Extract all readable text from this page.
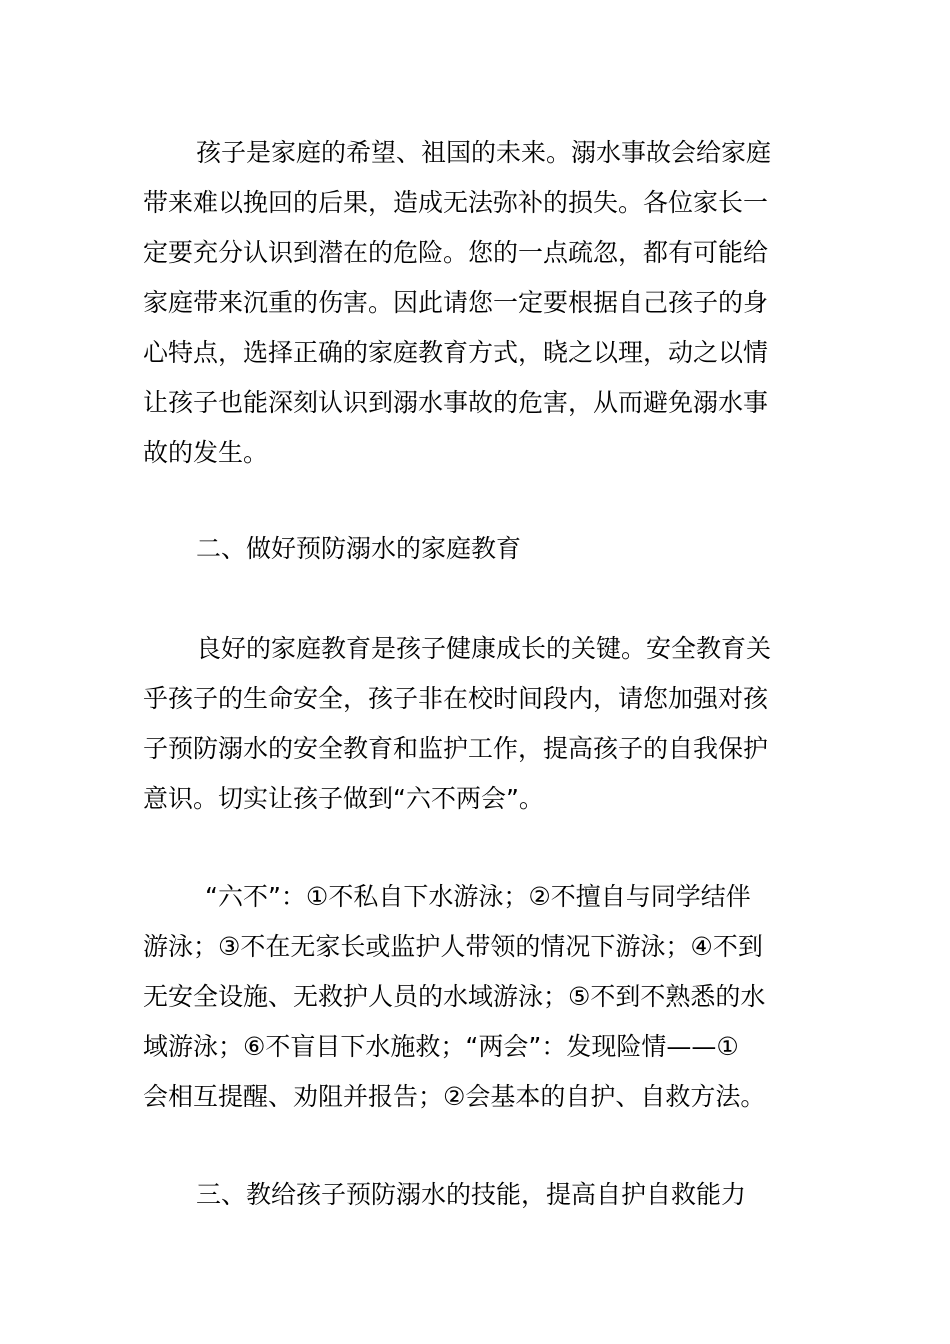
孩子是家庭的希望、祖国的未来。溺水事故会给家庭

带来难以挽回的后果，造成无法弥补的损失。各位家长一

定要充分认识到潜在的危险。您的一点疏忽，都有可能给

家庭带来沉重的伤害。因此请您一定要根据自己孩子的身

心特点，选择正确的家庭教育方式，晓之以理，动之以情

让孩子也能深刻认识到溺水事故的危害，从而避免溺水事

故的发生。

二、做好预防溺水的家庭教育

良好的家庭教育是孩子健康成长的关键。安全教育关

乎孩子的生命安全，孩子非在校时间段内，请您加强对孩

子预防溺水的安全教育和监护工作，提高孩子的自我保护

意识。切实让孩子做到“六不两会”。

“六不”：①不私自下水游泳；②不擅自与同学结伴

游泳；③不在无家长或监护人带领的情况下游泳；④不到

无安全设施、无救护人员的水域游泳；⑤不到不熟悉的水

域游泳；⑥不盲目下水施救；“两会”：发现险情——①

会相互提醒、劝阻并报告；②会基本的自护、自救方法。

三、教给孩子预防溺水的技能，提高自护自救能力
